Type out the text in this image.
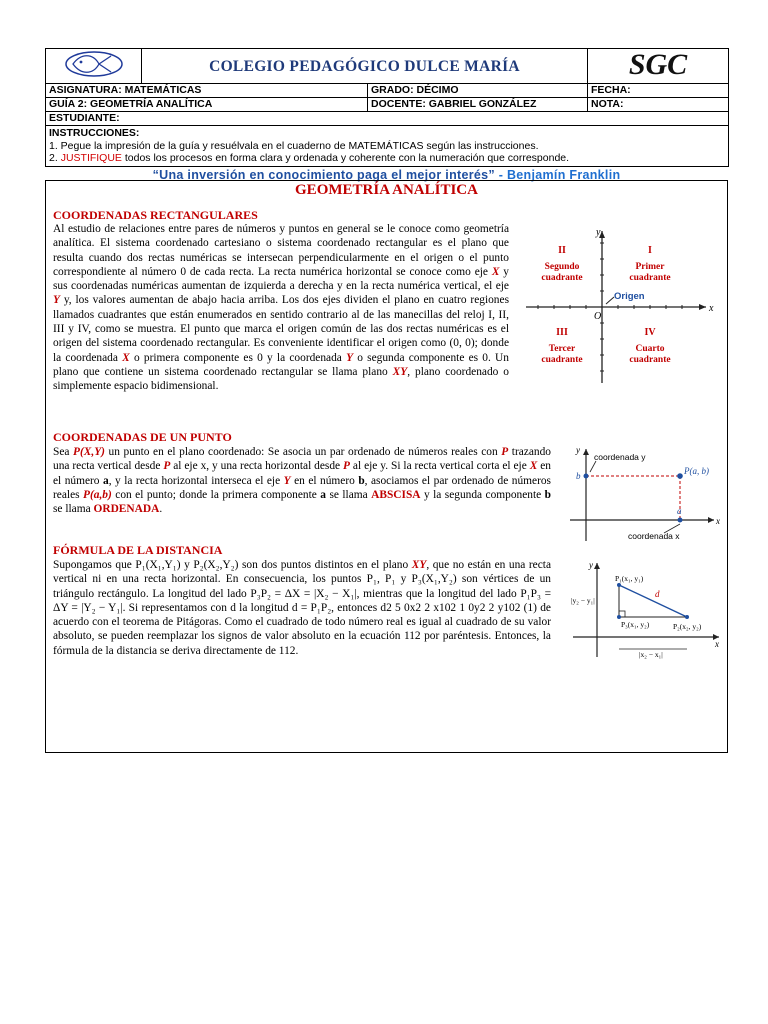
	COLEGIO PEDAGÓGICO DULCE MARÍA		SGC

ASIGNATURA: MATEMÁTICAS		GRADO: DÉCIMO	FECHA:
GUÍA 2: GEOMETRÍA ANALÍTICA		DOCENTE: GABRIEL GONZÁLEZ	NOTA:
ESTUDIANTE:			

INSTRUCCIONES:
1. Pegue la impresión de la guía y resuélvala en el cuaderno de MATEMÁTICAS según las instrucciones.
2. JUSTIFIQUE todos los procesos en forma clara y ordenada y coherente con la numeración que corresponde.			
“Una inversión en conocimiento paga el mejor interés” - Benjamín Franklin
GEOMETRÍA ANALÍTICA
COORDENADAS RECTANGULARES
Al estudio de relaciones entre pares de números y puntos en general se le conoce como geometría analítica. El sistema coordenado cartesiano o sistema coordenado rectangular es el plano que resulta cuando dos rectas numéricas se intersecan perpendicularmente en el origen o el punto correspondiente al número 0 de cada recta. La recta numérica horizontal se conoce como eje X y sus coordenadas numéricas aumentan de izquierda a derecha y en la recta numérica vertical, el eje Y y, los valores aumentan de abajo hacia arriba. Los dos ejes dividen el plano en cuatro regiones llamados cuadrantes que están enumerados en sentido contrario al de las manecillas del reloj I, II, III y IV, como se muestra. El punto que marca el origen común de las dos rectas numéricas es el origen del sistema coordenado rectangular. Es conveniente identificar el origen como (0, 0); donde la coordenada X o primera componente es 0 y la coordenada Y o segunda componente es 0. Un plano que contiene un sistema coordenado rectangular se llama plano XY, plano coordenado o simplemente espacio bidimensional.
x
y
O
Origen
II
Segundo
cuadrante
I
Primer
cuadrante
III
Tercer
cuadrante
IV
Cuarto
cuadrante
COORDENADAS DE UN PUNTO
Sea P(X,Y) un punto en el plano coordenado: Se asocia un par ordenado de números reales con P trazando una recta vertical desde P al eje x, y una recta horizontal desde P al eje y. Si la recta vertical corta el eje X en el número a, y la recta horizontal interseca el eje Y en el número b, asociamos el par ordenado de números reales P(a,b) con el punto; donde la primera componente a se llama ABSCISA y la segunda componente b se llama ORDENADA.
coordenada y
coordenada x
P(a, b)
b
a
x
y
FÓRMULA DE LA DISTANCIA
Supongamos que P₁(X₁,Y₁) y P₂(X₂,Y₂) son dos puntos distintos en el plano XY, que no están en una recta vertical ni en una recta horizontal. En consecuencia, los puntos P₁, P₁ y P₃(X₁,Y₂) son vértices de un triángulo rectángulo. La longitud del lado P₃P₂ = ΔX = |X₂ − X₁|, mientras que la longitud del lado P₁P₃ = ΔY = |Y₂ − Y₁|. Si representamos con d la longitud d = P₁P₂, entonces d2 5 0x2 2 x102 1 0y2 2 y102 (1) de acuerdo con el teorema de Pitágoras. Como el cuadrado de todo número real es igual al cuadrado de su valor absoluto, se pueden reemplazar los signos de valor absoluto en la ecuación 112 por paréntesis. Entonces, la fórmula de la distancia se deriva directamente de 112.
P₁(x₁, y₁)
P₂(x₂, y₂)
P₃(x₁, y₂)
d
|y₂ − y₁|
|x₂ − x₁|
x
y
